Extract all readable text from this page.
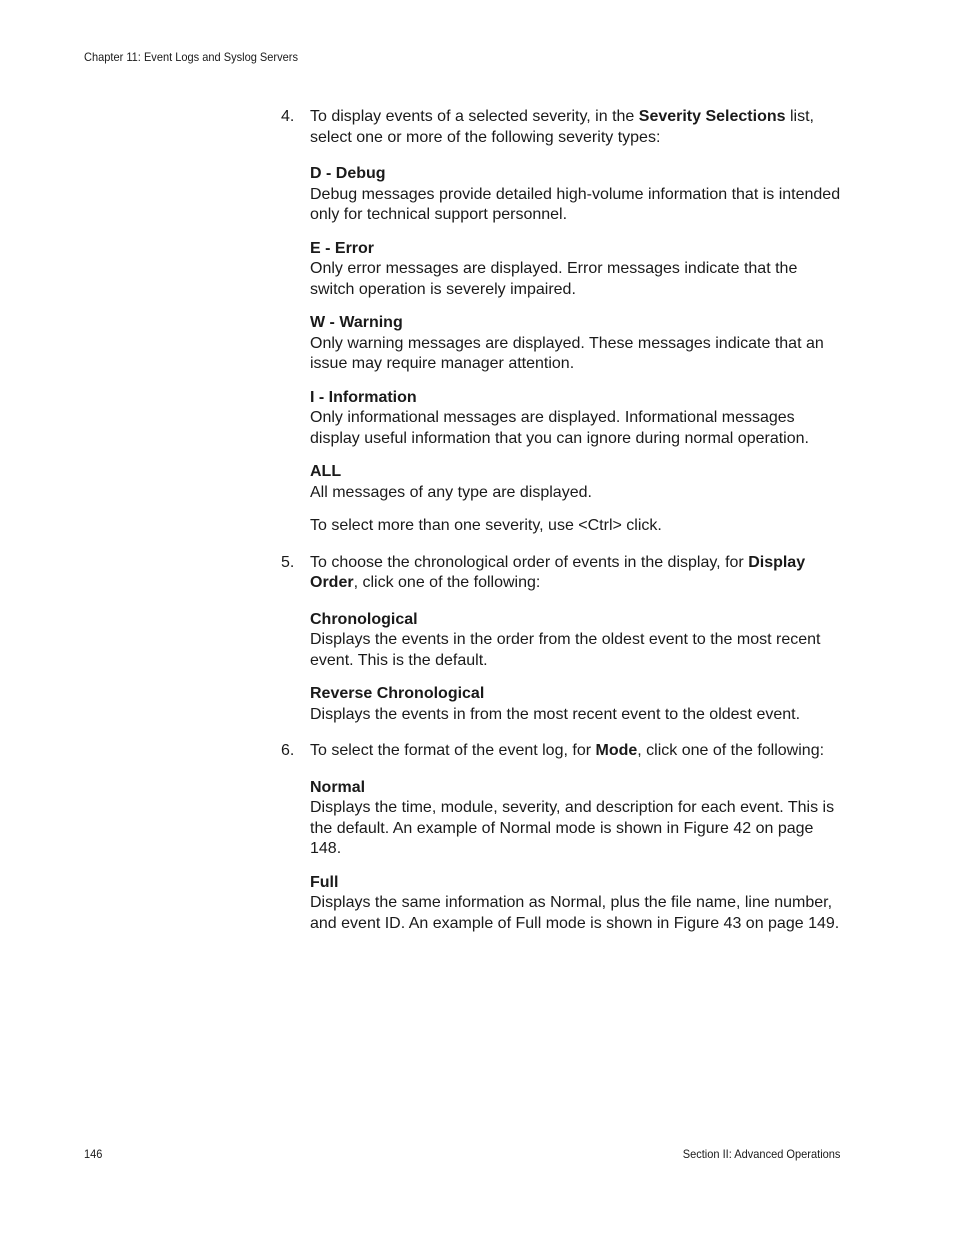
Chapter 11: Event Logs and Syslog Servers
4. To display events of a selected severity, in the Severity Selections list, select one or more of the following severity types:

D - Debug
Debug messages provide detailed high-volume information that is intended only for technical support personnel.
E - Error
Only error messages are displayed. Error messages indicate that the switch operation is severely impaired.
W - Warning
Only warning messages are displayed. These messages indicate that an issue may require manager attention.
I - Information
Only informational messages are displayed. Informational messages display useful information that you can ignore during normal operation.
ALL
All messages of any type are displayed.

To select more than one severity, use <Ctrl> click.

5. To choose the chronological order of events in the display, for Display Order, click one of the following:

Chronological
Displays the events in the order from the oldest event to the most recent event. This is the default.
Reverse Chronological
Displays the events in from the most recent event to the oldest event.
6. To select the format of the event log, for Mode, click one of the following:

Normal
Displays the time, module, severity, and description for each event. This is the default. An example of Normal mode is shown in Figure 42 on page 148.
Full
Displays the same information as Normal, plus the file name, line number, and event ID. An example of Full mode is shown in Figure 43 on page 149.
146	Section II: Advanced Operations
